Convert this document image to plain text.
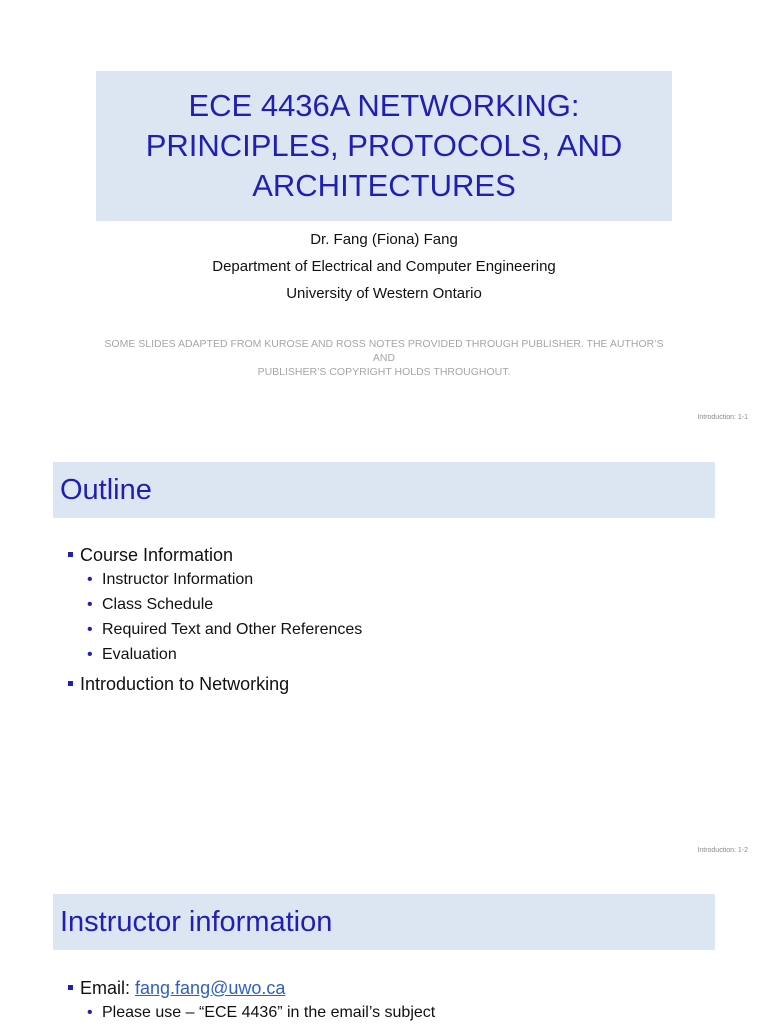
ECE 4436A NETWORKING:
PRINCIPLES, PROTOCOLS, AND
ARCHITECTURES
Dr. Fang (Fiona) Fang
Department of Electrical and Computer Engineering
University of Western Ontario
SOME SLIDES ADAPTED FROM KUROSE AND ROSS NOTES PROVIDED THROUGH PUBLISHER. THE AUTHOR’S AND
PUBLISHER’S COPYRIGHT HOLDS THROUGHOUT.
Introduction: 1-1
Outline
Course Information
• Instructor Information
• Class Schedule
• Required Text and Other References
• Evaluation
Introduction to Networking
Introduction: 1-2
Instructor information
Email: fang.fang@uwo.ca
• Please use – “ECE 4436” in the email’s subject
